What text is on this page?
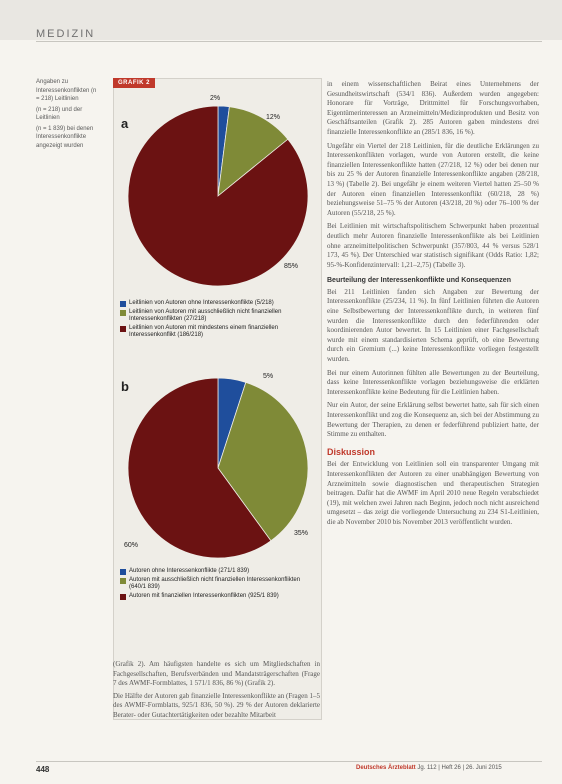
MEDIZIN

Angaben zu Interessenkonflikten (n = 218) Leitlinien

(n = 218) und der Leitlinien

(n = 1 839) bei denen Interessenkonflikte angezeigt wurden

GRAFIK 2
a
2%
12%
85%
Leitlinien von Autoren ohne Interessenkonflikte (5/218)
Leitlinien von Autoren mit ausschließlich nicht finanziellen Interessenkonflikten (27/218)
Leitlinien von Autoren mit mindestens einem finanziellen Interessenkonflikt (186/218)
b
5%
35%
60%
Autoren ohne Interessenkonflikte (271/1 839)
Autoren mit ausschließlich nicht finanziellen Interessenkonflikten (640/1 839)
Autoren mit finanziellen Interessenkonflikten (925/1 839)

(Grafik 2). Am häufigsten handelte es sich um Mitgliedschaften in Fachgesellschaften, Berufsverbänden und Mandatsträgerschaften (Frage 7 des AWMF-Formblattes, 1 571/1 836, 86 %) (Grafik 2).

Die Hälfte der Autoren gab finanzielle Interessenkonflikte an (Fragen 1–5 des AWMF-Formblatts, 925/1 836, 50 %). 29 % der Autoren deklarierte Berater- oder Gutachtertätigkeiten oder bezahlte Mitarbeit

in einem wissenschaftlichen Beirat eines Unternehmens der Gesundheitswirtschaft (534/1 836). Außerdem wurden angegeben: Honorare für Vorträge, Drittmittel für Forschungsvorhaben, Eigentümerinteressen an Arzneimitteln/Medizinprodukten und Besitz von Geschäftsanteilen (Grafik 2). 285 Autoren gaben mindestens drei finanzielle Interessenkonflikte an (285/1 836, 16 %).

Ungefähr ein Viertel der 218 Leitlinien, für die deutliche Erklärungen zu Interessenkonflikten vorlagen, wurde von Autoren erstellt, die keine finanziellen Interessenkonflikte hatten (27/218, 12 %) oder bei denen nur bis zu 25 % der Autoren finanzielle Interessenkonflikte angaben (28/218, 13 %) (Tabelle 2). Bei ungefähr je einem weiteren Viertel hatten 25–50 % der Autoren einen finanziellen Interessenkonflikt (60/218, 28 %) beziehungsweise 51–75 % der Autoren (43/218, 20 %) oder 76–100 % der Autoren (55/218, 25 %).

Bei Leitlinien mit wirtschaftspolitischem Schwerpunkt haben prozentual deutlich mehr Autoren finanzielle Interessenkonflikte als bei Leitlinien ohne arzneimittelpolitischen Schwerpunkt (357/803, 44 % versus 528/1 173, 45 %). Der Unterschied war statistisch signifikant (Odds Ratio: 1,82; 95-%-Konfidenzintervall: 1,21–2,75) (Tabelle 3).

Beurteilung der Interessenkonflikte und Konsequenzen

Bei 211 Leitlinien fanden sich Angaben zur Bewertung der Interessenkonflikte (25/234, 11 %). In fünf Leitlinien führten die Autoren eine Selbstbewertung der Interessenkonflikte durch, in weiteren fünf wurden die Interessenkonflikte durch den federführenden oder koordinierenden Autor bewertet. In 15 Leitlinien einer Fachgesellschaft wurde mit einem standardisierten Schema geprüft, ob eine Bewertung durch ein Gremium (...) keine Interessenkonflikte vorliegen festgestellt wurden.

Bei nur einem Autorinnen fühlten alle Bewertungen zu der Beurteilung, dass keine Interessenkonflikte vorlagen beziehungsweise die erklärten Interessenkonflikte keine Bedeutung für die Leitlinien haben.

Nur ein Autor, der seine Erklärung selbst bewertet hatte, sah für sich einen Interessenkonflikt und zog die Konsequenz an, sich bei der Abstimmung zu Bewertung der Therapien, zu denen er federführend publiziert hatte, der Stimme zu enthalten.

Diskussion

Bei der Entwicklung von Leitlinien soll ein transparenter Umgang mit Interessenkonflikten der Autoren zu einer unabhängigen Bewertung von Arzneimitteln sowie diagnostischen und therapeutischen Strategien beitragen. Dafür hat die AWMF im April 2010 neue Regeln verabschiedet (19), mit welchen zwei Jahren nach Beginn, jedoch noch nicht ausreichend umgesetzt – das zeigt die vorliegende Untersuchung zu 234 S1-Leitlinien, die ab November 2010 bis November 2013 veröffentlicht wurden.

448	Deutsches Ärzteblatt Jg. 112 | Heft 26 | 26. Juni 2015
